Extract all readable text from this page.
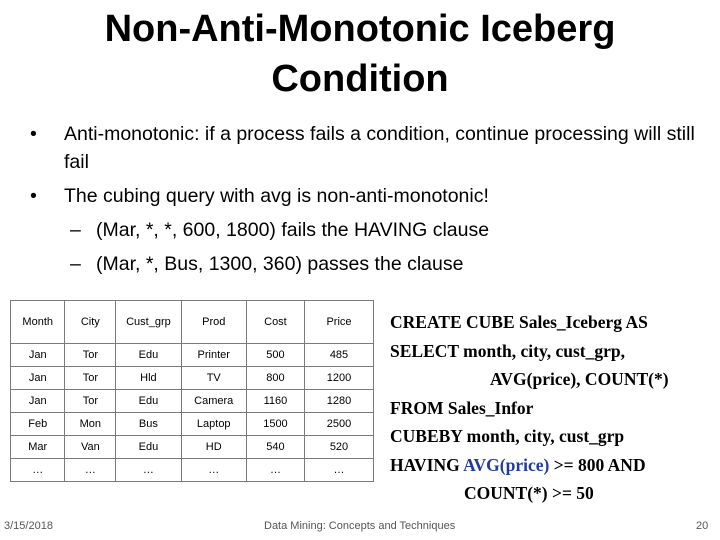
Non-Anti-Monotonic Iceberg
Condition
• Anti-monotonic: if a process fails a condition, continue processing will still fail
• The cubing query with avg is non-anti-monotonic!
– (Mar, *, *, 600, 1800) fails the HAVING clause
– (Mar, *, Bus, 1300, 360) passes the clause
Month	City	Cust_grp	Prod	Cost	Price
Jan	Tor	Edu	Printer	500	485
Jan	Tor	Hld	TV	800	1200
Jan	Tor	Edu	Camera	1160	1280
Feb	Mon	Bus	Laptop	1500	2500
Mar	Van	Edu	HD	540	520
…	…	…	…	…	…
CREATE CUBE Sales_Iceberg AS
SELECT month, city, cust_grp,
AVG(price), COUNT(*)
FROM Sales_Infor
CUBEBY month, city, cust_grp
HAVING AVG(price) >= 800 AND
COUNT(*) >= 50
3/15/2018	Data Mining: Concepts and Techniques	20
